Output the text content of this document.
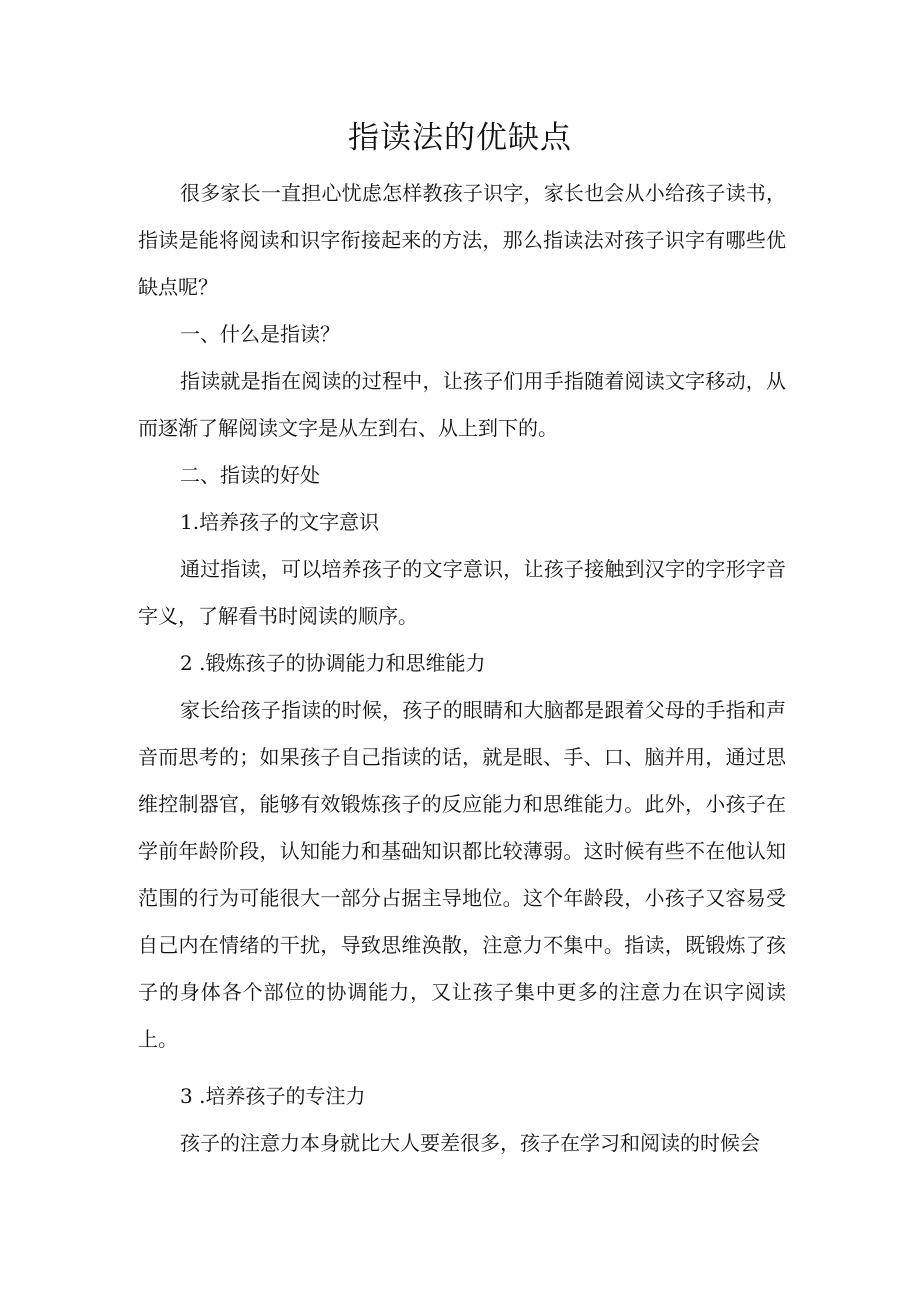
指读法的优缺点

很多家长一直担心忧虑怎样教孩子识字，家长也会从小给孩子读书，指读是能将阅读和识字衔接起来的方法，那么指读法对孩子识字有哪些优缺点呢？

一、什么是指读？

指读就是指在阅读的过程中，让孩子们用手指随着阅读文字移动，从而逐渐了解阅读文字是从左到右、从上到下的。

二、指读的好处

1.培养孩子的文字意识

通过指读，可以培养孩子的文字意识，让孩子接触到汉字的字形字音字义，了解看书时阅读的顺序。

2 .锻炼孩子的协调能力和思维能力

家长给孩子指读的时候，孩子的眼睛和大脑都是跟着父母的手指和声音而思考的；如果孩子自己指读的话，就是眼、手、口、脑并用，通过思维控制器官，能够有效锻炼孩子的反应能力和思维能力。此外，小孩子在学前年龄阶段，认知能力和基础知识都比较薄弱。这时候有些不在他认知范围的行为可能很大一部分占据主导地位。这个年龄段，小孩子又容易受自己内在情绪的干扰，导致思维涣散，注意力不集中。指读，既锻炼了孩子的身体各个部位的协调能力，又让孩子集中更多的注意力在识字阅读上。

3 .培养孩子的专注力

孩子的注意力本身就比大人要差很多，孩子在学习和阅读的时候会
